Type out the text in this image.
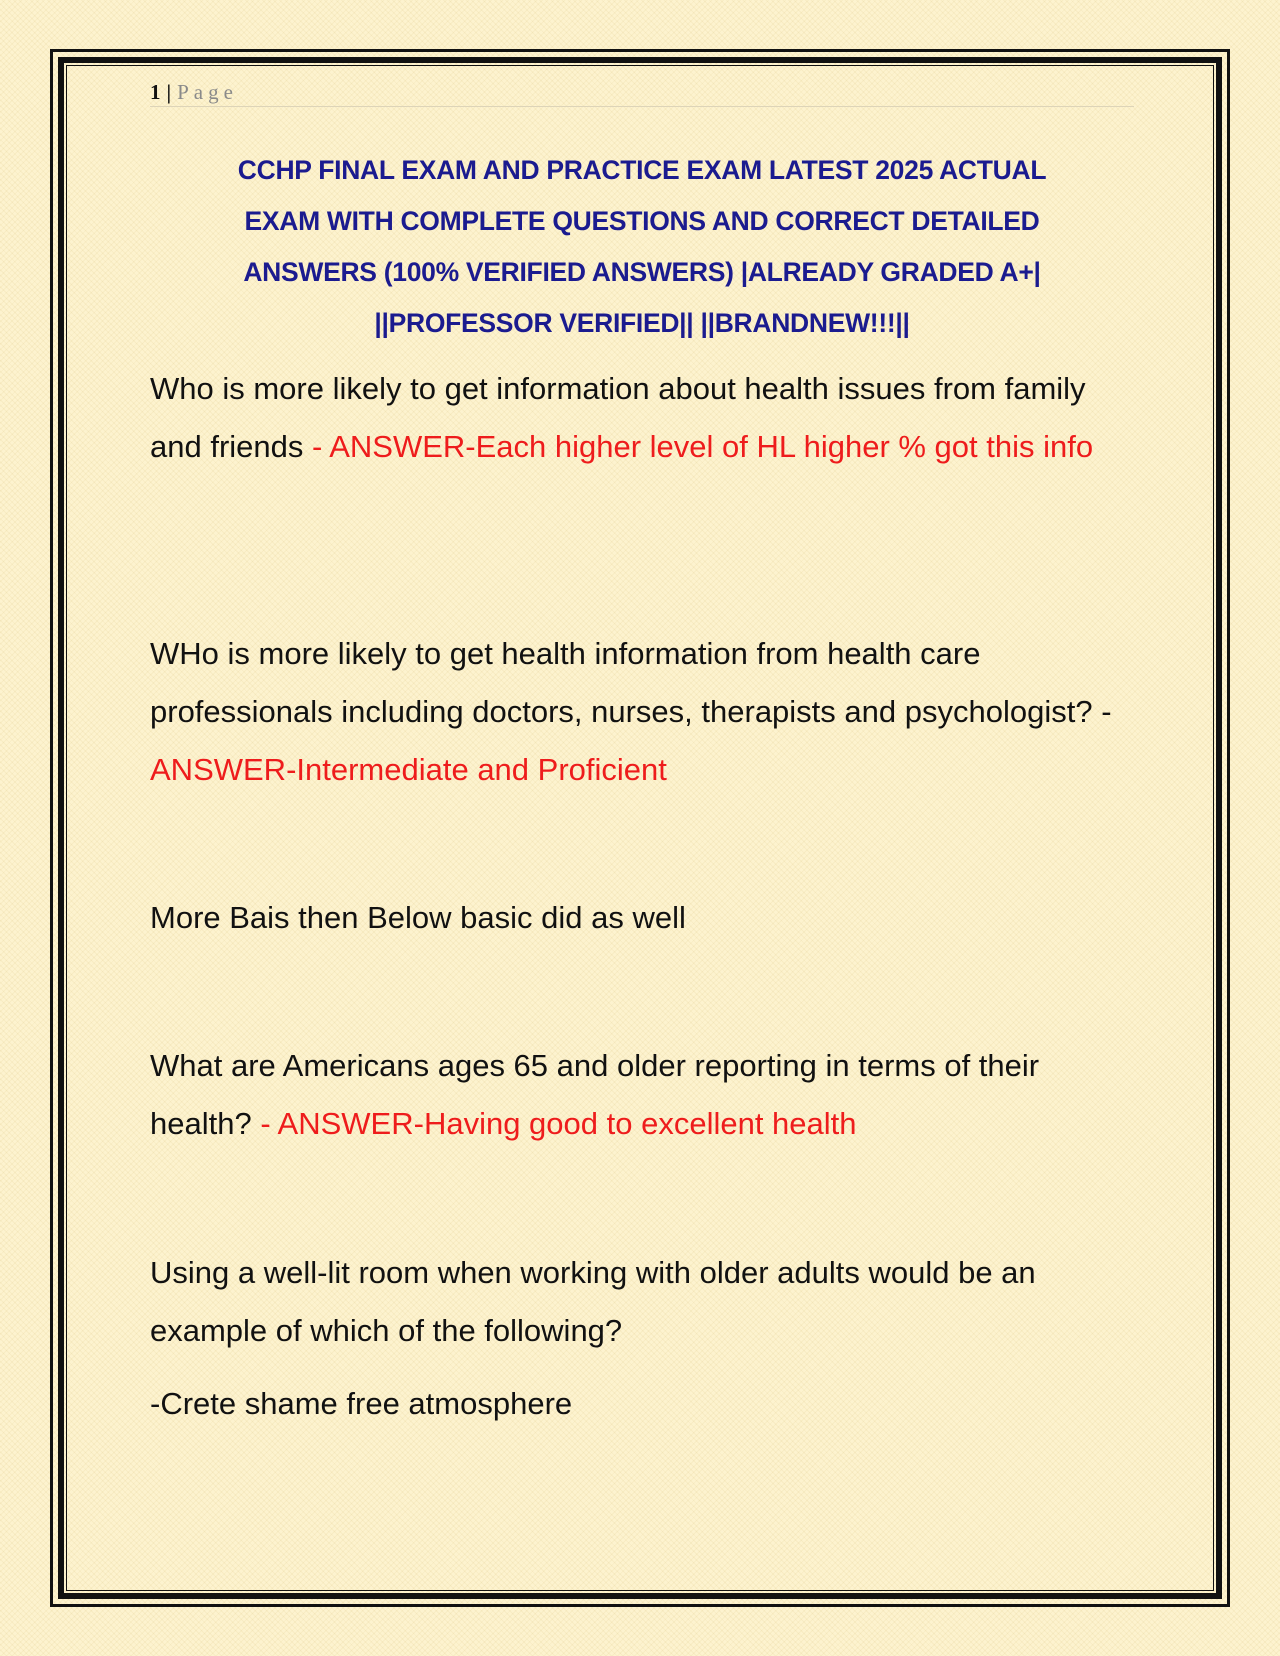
1 | Page
CCHP FINAL EXAM AND PRACTICE EXAM LATEST 2025 ACTUAL
EXAM WITH COMPLETE QUESTIONS AND CORRECT DETAILED
ANSWERS (100% VERIFIED ANSWERS) |ALREADY GRADED A+|
||PROFESSOR VERIFIED|| ||BRANDNEW!!!||

Who is more likely to get information about health issues from family and friends - ANSWER-Each higher level of HL higher % got this info

WHo is more likely to get health information from health care professionals including doctors, nurses, therapists and psychologist? - ANSWER-Intermediate and Proficient

More Bais then Below basic did as well

What are Americans ages 65 and older reporting in terms of their health? - ANSWER-Having good to excellent health

Using a well-lit room when working with older adults would be an example of which of the following?

-Crete shame free atmosphere
